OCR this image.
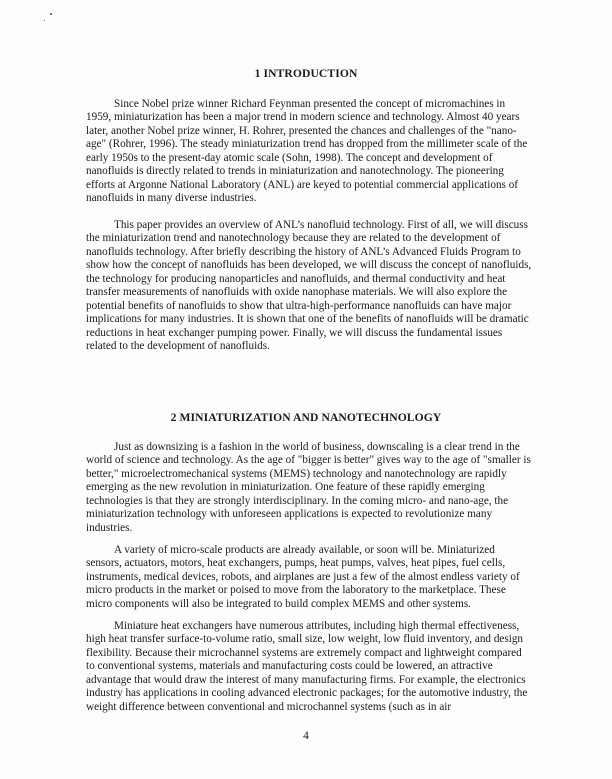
1 INTRODUCTION

Since Nobel prize winner Richard Feynman presented the concept of micromachines in 1959, miniaturization has been a major trend in modern science and technology. Almost 40 years later, another Nobel prize winner, H. Rohrer, presented the chances and challenges of the "nano-age" (Rohrer, 1996). The steady miniaturization trend has dropped from the millimeter scale of the early 1950s to the present-day atomic scale (Sohn, 1998). The concept and development of nanofluids is directly related to trends in miniaturization and nanotechnology. The pioneering efforts at Argonne National Laboratory (ANL) are keyed to potential commercial applications of nanofluids in many diverse industries.

This paper provides an overview of ANL’s nanofluid technology. First of all, we will discuss the miniaturization trend and nanotechnology because they are related to the development of nanofluids technology. After briefly describing the history of ANL’s Advanced Fluids Program to show how the concept of nanofluids has been developed, we will discuss the concept of nanofluids, the technology for producing nanoparticles and nanofluids, and thermal conductivity and heat transfer measurements of nanofluids with oxide nanophase materials. We will also explore the potential benefits of nanofluids to show that ultra-high-performance nanofluids can have major implications for many industries. It is shown that one of the benefits of nanofluids will be dramatic reductions in heat exchanger pumping power. Finally, we will discuss the fundamental issues related to the development of nanofluids.

2 MINIATURIZATION AND NANOTECHNOLOGY

Just as downsizing is a fashion in the world of business, downscaling is a clear trend in the world of science and technology. As the age of "bigger is better" gives way to the age of "smaller is better," microelectromechanical systems (MEMS) technology and nanotechnology are rapidly emerging as the new revolution in miniaturization. One feature of these rapidly emerging technologies is that they are strongly interdisciplinary. In the coming micro- and nano-age, the miniaturization technology with unforeseen applications is expected to revolutionize many industries.

A variety of micro-scale products are already available, or soon will be. Miniaturized sensors, actuators, motors, heat exchangers, pumps, heat pumps, valves, heat pipes, fuel cells, instruments, medical devices, robots, and airplanes are just a few of the almost endless variety of micro products in the market or poised to move from the laboratory to the marketplace. These micro components will also be integrated to build complex MEMS and other systems.

Miniature heat exchangers have numerous attributes, including high thermal effectiveness, high heat transfer surface-to-volume ratio, small size, low weight, low fluid inventory, and design flexibility. Because their microchannel systems are extremely compact and lightweight compared to conventional systems, materials and manufacturing costs could be lowered, an attractive advantage that would draw the interest of many manufacturing firms. For example, the electronics industry has applications in cooling advanced electronic packages; for the automotive industry, the weight difference between conventional and microchannel systems (such as in air

4
